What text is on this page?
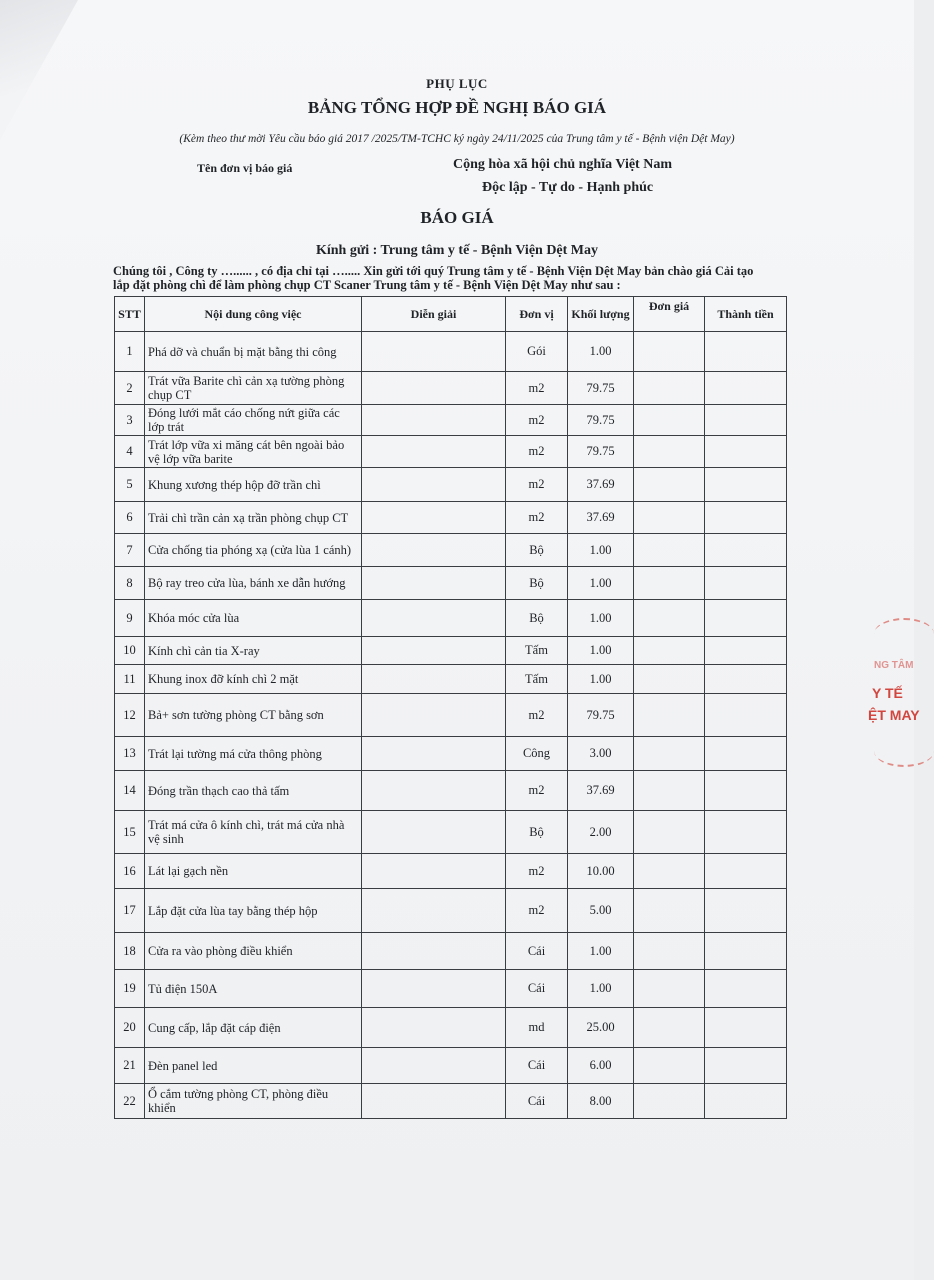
PHỤ LỤC
BẢNG TỔNG HỢP ĐỀ NGHỊ BÁO GIÁ
(Kèm theo thư mời Yêu cầu báo giá 2017 /2025/TM-TCHC ký ngày 24/11/2025 của Trung tâm y tế - Bệnh viện Dệt May)
Tên đơn vị báo giá	Cộng hòa xã hội chủ nghĩa Việt Nam
Độc lập - Tự do - Hạnh phúc
BÁO GIÁ
Kính gửi : Trung tâm y tế - Bệnh Viện Dệt May
Chúng tôi , Công ty …...... , có địa chỉ tại …..... Xin gửi tới quý Trung tâm y tế - Bệnh Viện Dệt May bản chào giá Cải tạo
lắp đặt phòng chì để làm phòng chụp CT Scaner Trung tâm y tế - Bệnh Viện Dệt May như sau :
STT	Nội dung công việc	Diễn giải	Đơn vị	Khối lượng	Đơn giá	Thành tiền
1	Phá dỡ và chuẩn bị mặt bằng thi công		Gói	1.00		
2	Trát vữa Barite chì cản xạ tường phòng chụp CT		m2	79.75		
3	Đóng lưới mắt cáo chống nứt giữa các lớp trát		m2	79.75		
4	Trát lớp vữa xi măng cát bên ngoài bảo vệ lớp vữa barite		m2	79.75		
5	Khung xương thép hộp đỡ trần chì		m2	37.69		
6	Trải chì trần cản xạ trần phòng chụp CT		m2	37.69		
7	Cửa chống tia phóng xạ (cửa lùa 1 cánh)		Bộ	1.00		
8	Bộ ray treo cửa lùa, bánh xe dẫn hướng		Bộ	1.00		
9	Khóa móc cửa lùa		Bộ	1.00		
10	Kính chì cản tia X-ray		Tấm	1.00		
11	Khung inox đỡ kính chì 2 mặt		Tấm	1.00		
12	Bả+ sơn tường phòng CT bằng sơn		m2	79.75		
13	Trát lại tường má cửa thông phòng		Công	3.00		
14	Đóng trần thạch cao thả tấm		m2	37.69		
15	Trát má cửa ô kính chì, trát má cửa nhà vệ sinh		Bộ	2.00		
16	Lát lại gạch nền		m2	10.00		
17	Lắp đặt cửa lùa tay bằng thép hộp		m2	5.00		
18	Cửa ra vào phòng điều khiển		Cái	1.00		
19	Tủ điện 150A		Cái	1.00		
20	Cung cấp, lắp đặt cáp điện		md	25.00		
21	Đèn panel led		Cái	6.00		
22	Ổ cắm tường phòng CT, phòng điều khiển		Cái	8.00		
NG TÂM
Y TẾ
ỆT MAY
